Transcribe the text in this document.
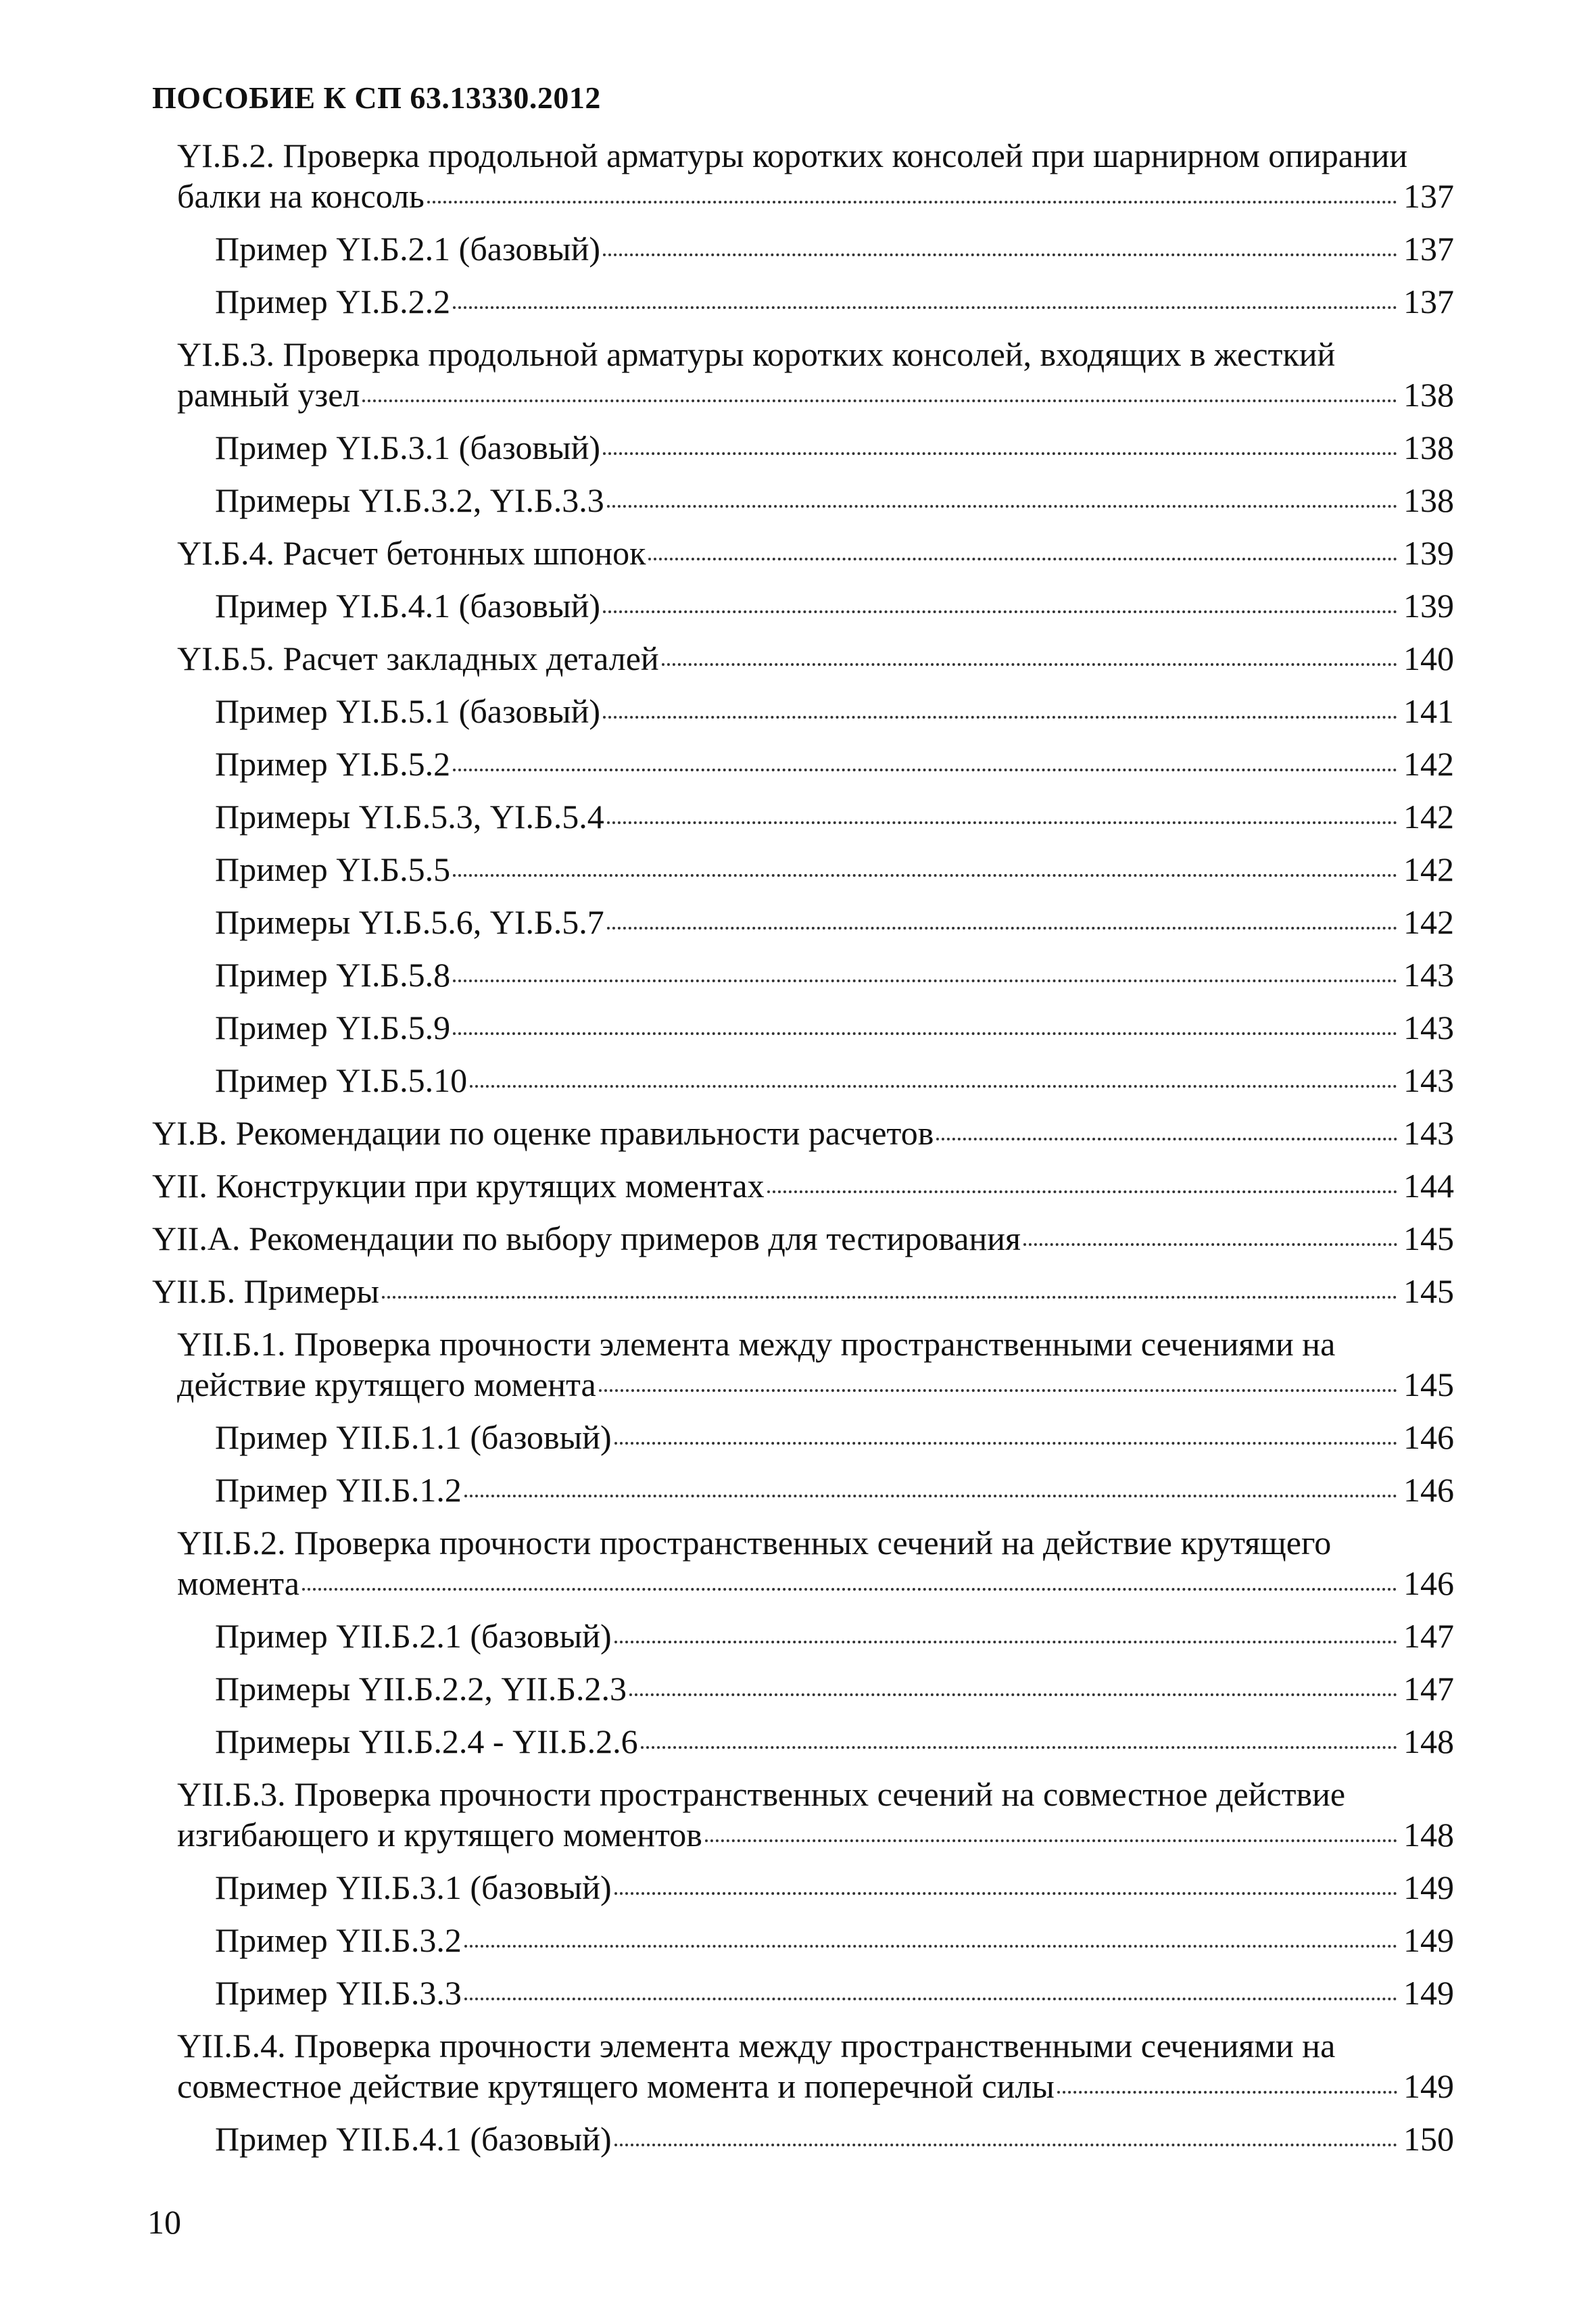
ПОСОБИЕ К СП 63.13330.2012
YI.Б.2. Проверка продольной арматуры коротких консолей при шарнирном опирании
балки на консоль	137
Пример YI.Б.2.1 (базовый)	137
Пример YI.Б.2.2	137
YI.Б.3. Проверка продольной арматуры коротких консолей, входящих в жесткий
рамный узел	138
Пример YI.Б.3.1 (базовый)	138
Примеры YI.Б.3.2, YI.Б.3.3	138
YI.Б.4. Расчет бетонных шпонок	139
Пример YI.Б.4.1 (базовый)	139
YI.Б.5. Расчет закладных деталей	140
Пример YI.Б.5.1 (базовый)	141
Пример YI.Б.5.2	142
Примеры YI.Б.5.3, YI.Б.5.4	142
Пример YI.Б.5.5	142
Примеры YI.Б.5.6, YI.Б.5.7	142
Пример YI.Б.5.8	143
Пример YI.Б.5.9	143
Пример YI.Б.5.10	143
YI.В. Рекомендации по оценке правильности расчетов	143
YII. Конструкции при крутящих моментах	144
YII.А. Рекомендации по выбору примеров для тестирования	145
YII.Б. Примеры	145
YII.Б.1. Проверка прочности элемента между пространственными сечениями на
действие крутящего момента	145
Пример YII.Б.1.1 (базовый)	146
Пример YII.Б.1.2	146
YII.Б.2. Проверка прочности пространственных сечений на действие крутящего
момента	146
Пример YII.Б.2.1 (базовый)	147
Примеры YII.Б.2.2, YII.Б.2.3	147
Примеры YII.Б.2.4 - YII.Б.2.6	148
YII.Б.3. Проверка прочности пространственных сечений на совместное действие
изгибающего и крутящего моментов	148
Пример YII.Б.3.1 (базовый)	149
Пример YII.Б.3.2	149
Пример YII.Б.3.3	149
YII.Б.4. Проверка прочности элемента между пространственными сечениями на
совместное действие крутящего момента и поперечной силы	149
Пример YII.Б.4.1 (базовый)	150
10
